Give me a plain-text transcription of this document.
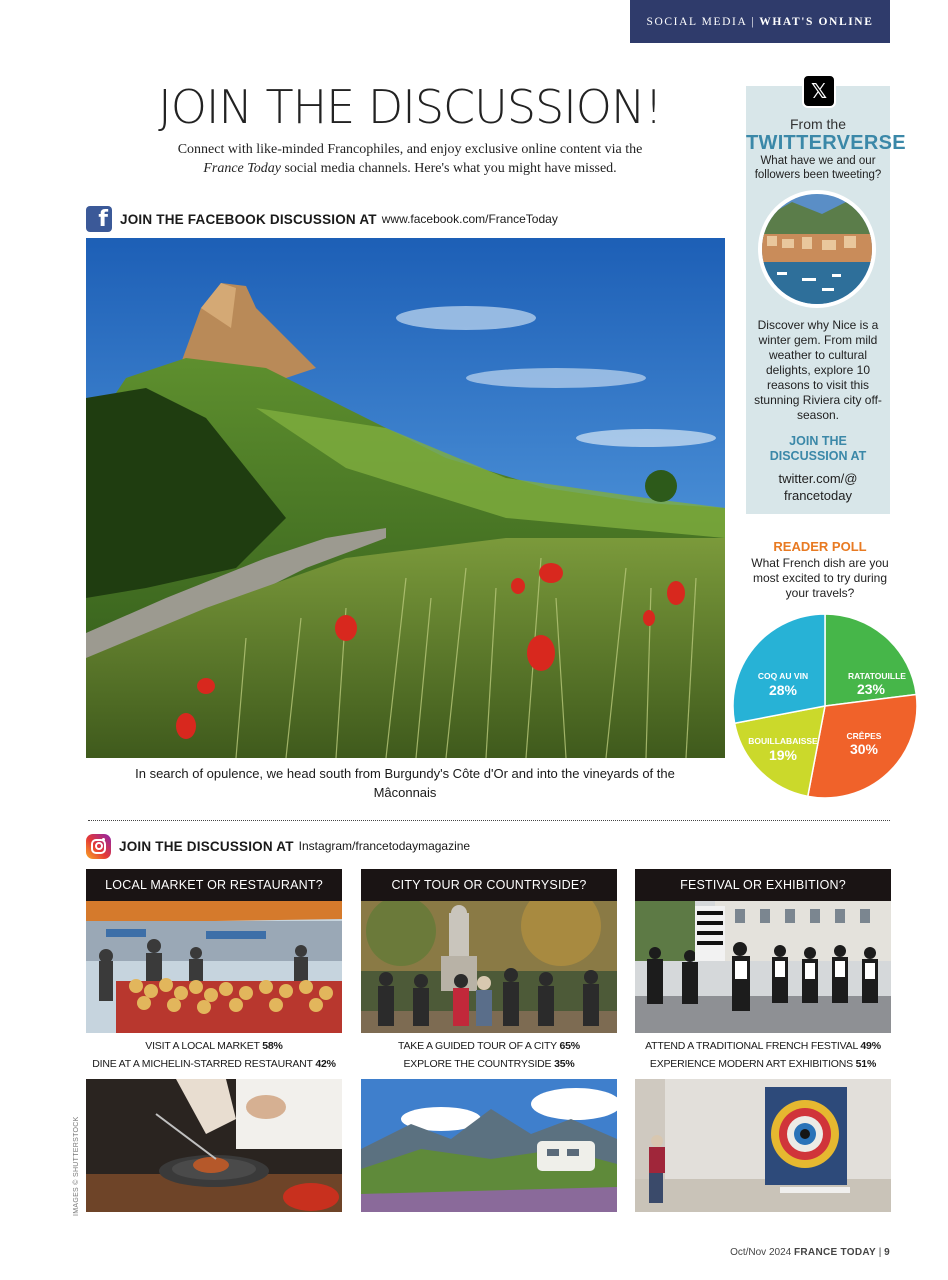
SOCIAL MEDIA | WHAT'S ONLINE
JOIN THE DISCUSSION!
Connect with like-minded Francophiles, and enjoy exclusive online content via the
France Today social media channels. Here's what you might have missed.
f JOIN THE FACEBOOK DISCUSSION AT www.facebook.com/FranceToday
In search of opulence, we head south from Burgundy's Côte d'Or and into the vineyards of the Mâconnais
From the
TWITTERVERSE
What have we and our followers been tweeting?
Discover why Nice is a winter gem. From mild weather to cultural delights, explore 10 reasons to visit this stunning Riviera city off-season.
JOIN THE DISCUSSION AT
twitter.com/@ francetoday
𝕏
READER POLL
What French dish are you most excited to try during your travels?
RATATOUILLE
23%
CRÊPES
30%
BOUILLABAISSE
19%
COQ AU VIN
28%
JOIN THE DISCUSSION AT Instagram/francetodaymagazine
LOCAL MARKET OR RESTAURANT?
VISIT A LOCAL MARKET 58%
DINE AT A MICHELIN-STARRED RESTAURANT 42%
CITY TOUR OR COUNTRYSIDE?
TAKE A GUIDED TOUR OF A CITY 65%
EXPLORE THE COUNTRYSIDE 35%
FESTIVAL OR EXHIBITION?
ATTEND A TRADITIONAL FRENCH FESTIVAL 49%
EXPERIENCE MODERN ART EXHIBITIONS 51%
IMAGES © SHUTTERSTOCK
Oct/Nov 2024 FRANCE TODAY | 9
